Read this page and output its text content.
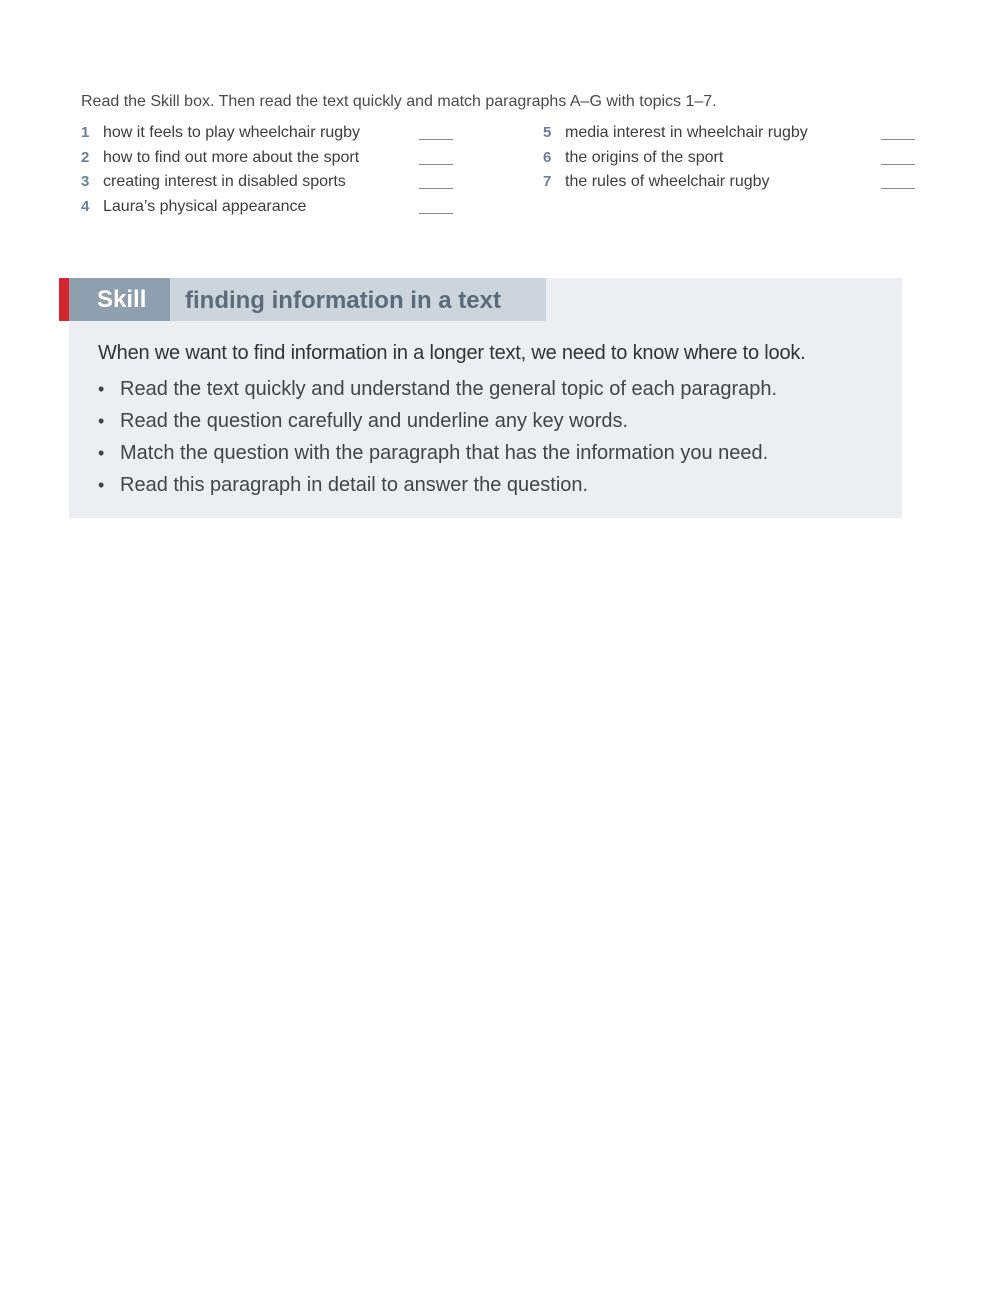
Read the Skill box. Then read the text quickly and match paragraphs A–G with topics 1–7.
1 how it feels to play wheelchair rugby
2 how to find out more about the sport
3 creating interest in disabled sports
4 Laura’s physical appearance
5 media interest in wheelchair rugby
6 the origins of the sport
7 the rules of wheelchair rugby
Skill	finding information in a text
When we want to find information in a longer text, we need to know where to look.
• Read the text quickly and understand the general topic of each paragraph.
• Read the question carefully and underline any key words.
• Match the question with the paragraph that has the information you need.
• Read this paragraph in detail to answer the question.
